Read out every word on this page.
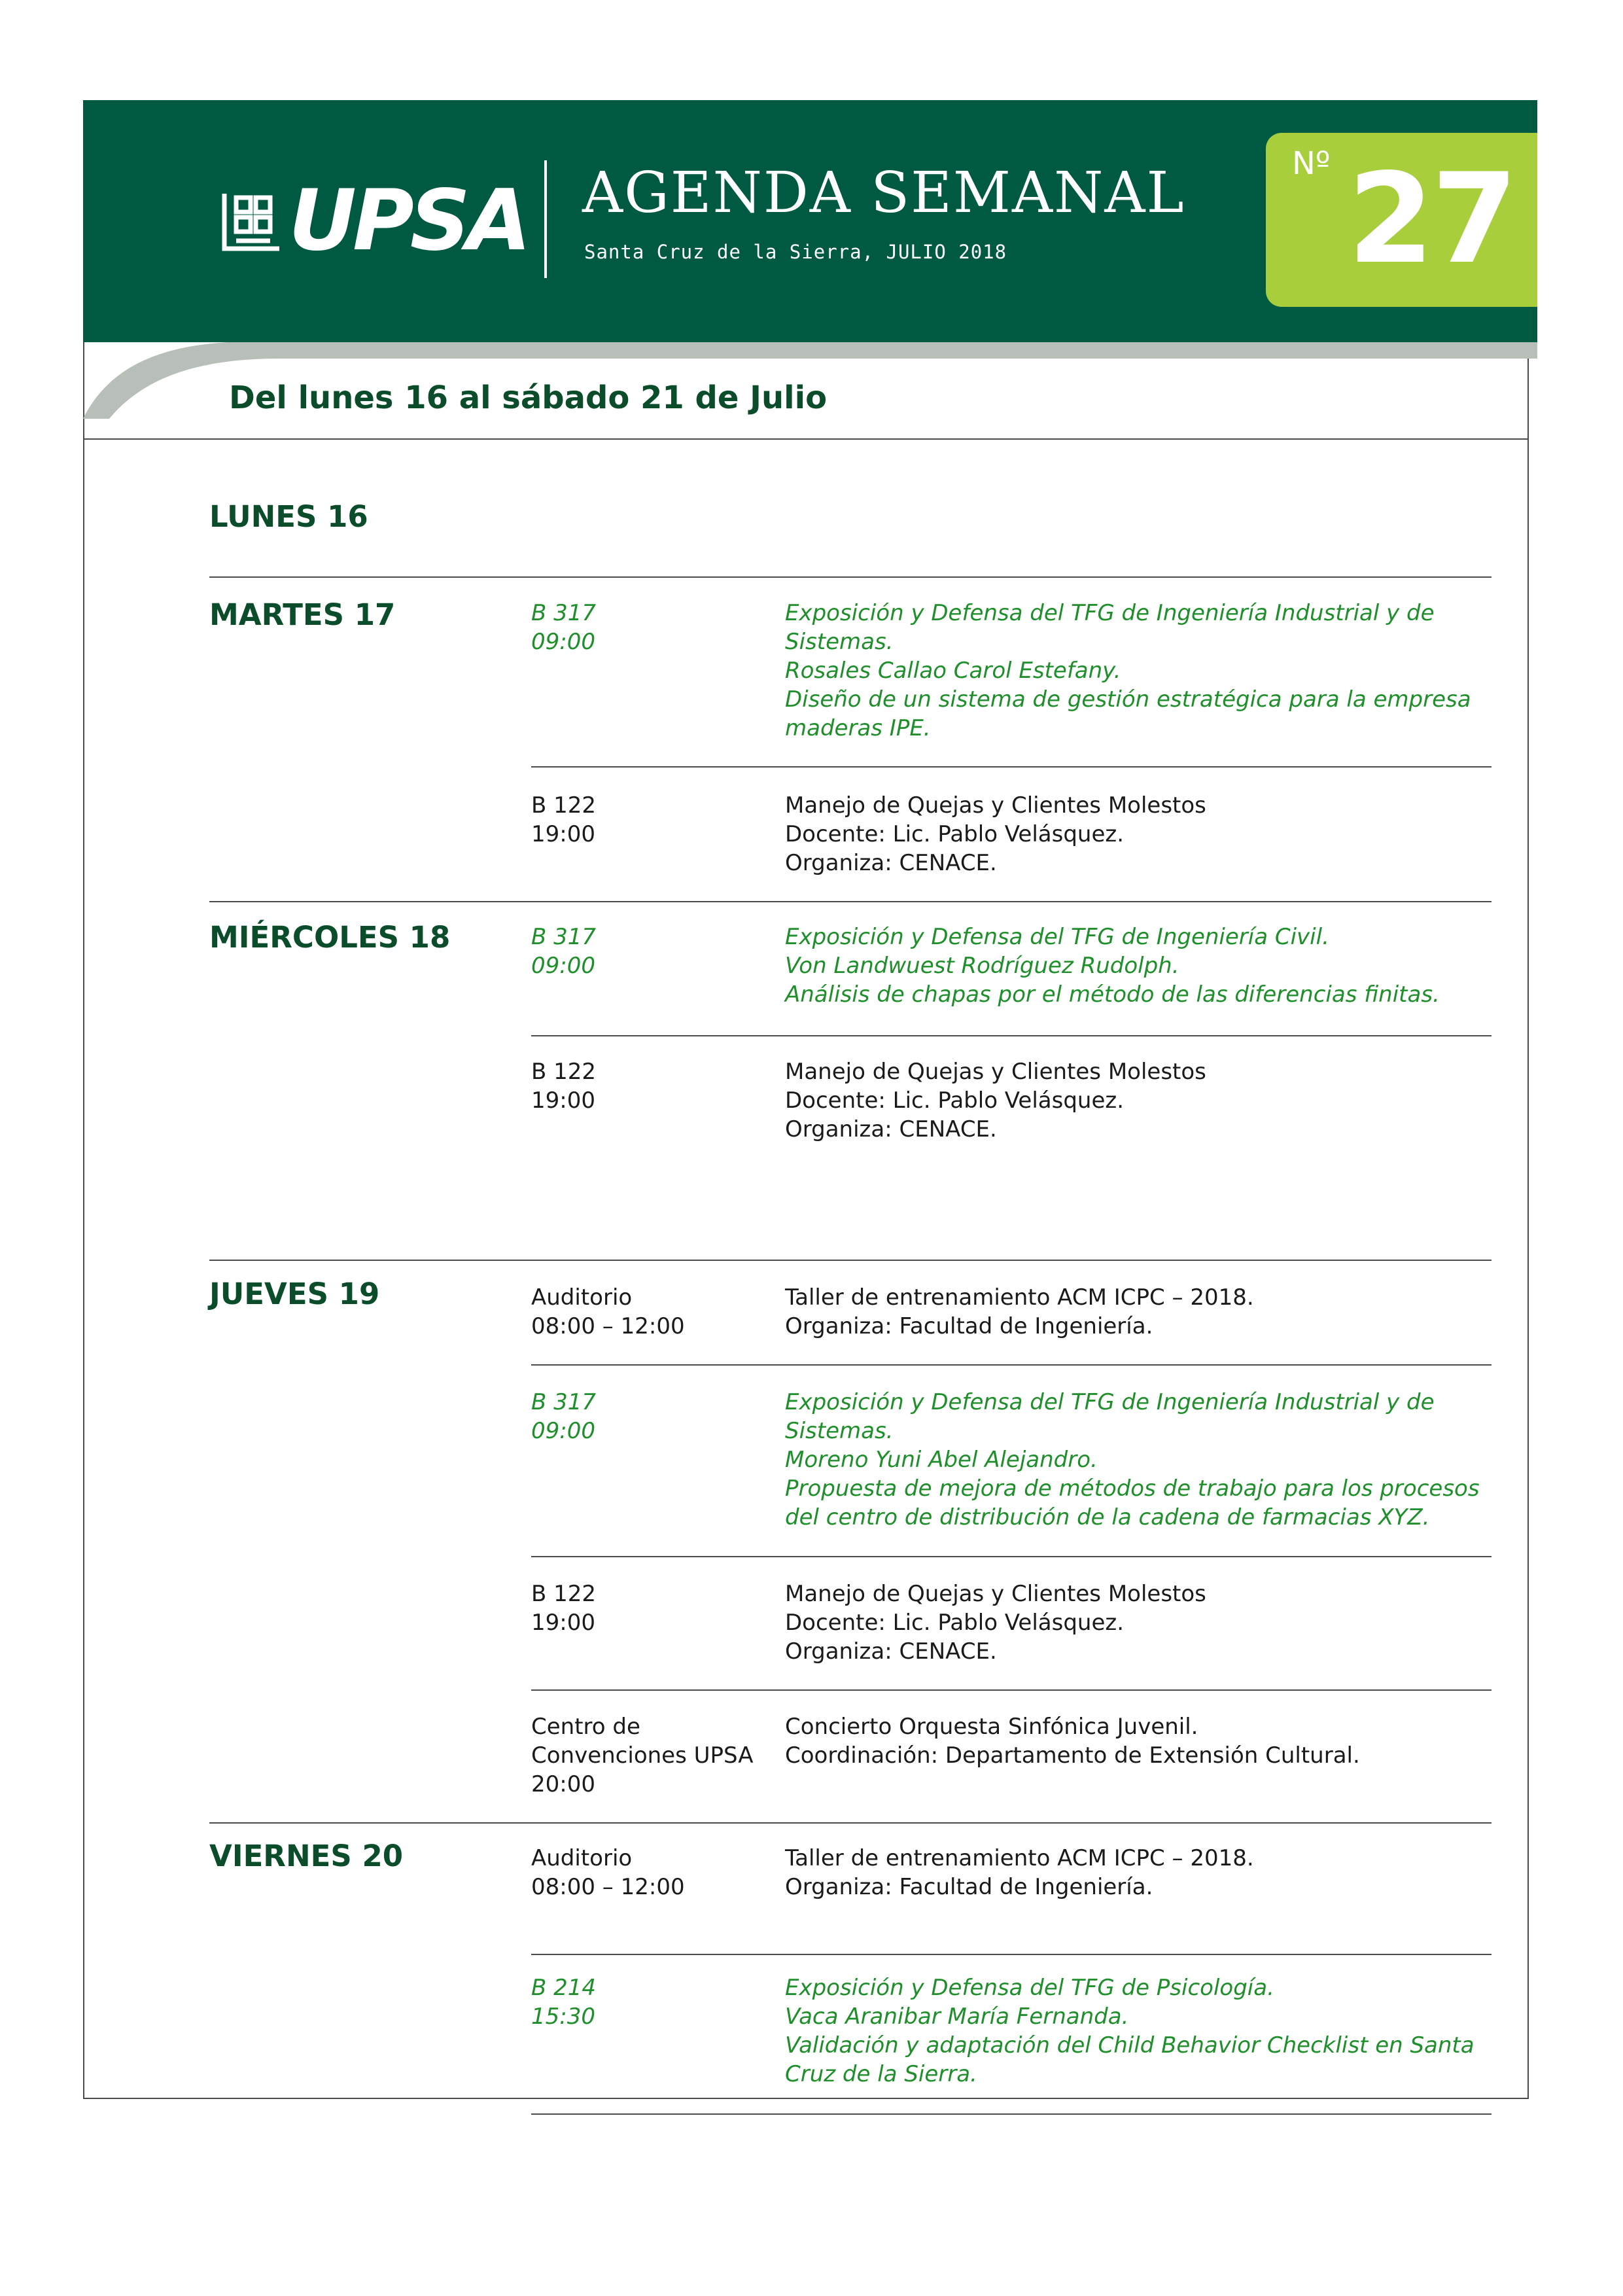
UPSA AGENDA SEMANAL
Santa Cruz de la Sierra, JULIO 2018
Nº 27
Del lunes 16 al sábado 21 de Julio
LUNES 16
MARTES 17
MIÉRCOLES 18
JUEVES 19
VIERNES 20
B 317
09:00
Exposición y Defensa del TFG de Ingeniería Industrial y de
Sistemas.
Rosales Callao Carol Estefany.
Diseño de un sistema de gestión estratégica para la empresa
maderas IPE.
B 122
19:00
Manejo de Quejas y Clientes Molestos
Docente: Lic. Pablo Velásquez.
Organiza: CENACE.
B 317
09:00
Exposición y Defensa del TFG de Ingeniería Civil.
Von Landwuest Rodríguez Rudolph.
Análisis de chapas por el método de las diferencias finitas.
B 122
19:00
Manejo de Quejas y Clientes Molestos
Docente: Lic. Pablo Velásquez.
Organiza: CENACE.
Auditorio
08:00 – 12:00
Taller de entrenamiento ACM ICPC – 2018.
Organiza: Facultad de Ingeniería.
B 317
09:00
Exposición y Defensa del TFG de Ingeniería Industrial y de
Sistemas.
Moreno Yuni Abel Alejandro.
Propuesta de mejora de métodos de trabajo para los procesos
del centro de distribución de la cadena de farmacias XYZ.
B 122
19:00
Manejo de Quejas y Clientes Molestos
Docente: Lic. Pablo Velásquez.
Organiza: CENACE.
Centro de
Convenciones UPSA
20:00
Concierto Orquesta Sinfónica Juvenil.
Coordinación: Departamento de Extensión Cultural.
Auditorio
08:00 – 12:00
Taller de entrenamiento ACM ICPC – 2018.
Organiza: Facultad de Ingeniería.
B 214
15:30
Exposición y Defensa del TFG de Psicología.
Vaca Aranibar María Fernanda.
Validación y adaptación del Child Behavior Checklist en Santa
Cruz de la Sierra.
